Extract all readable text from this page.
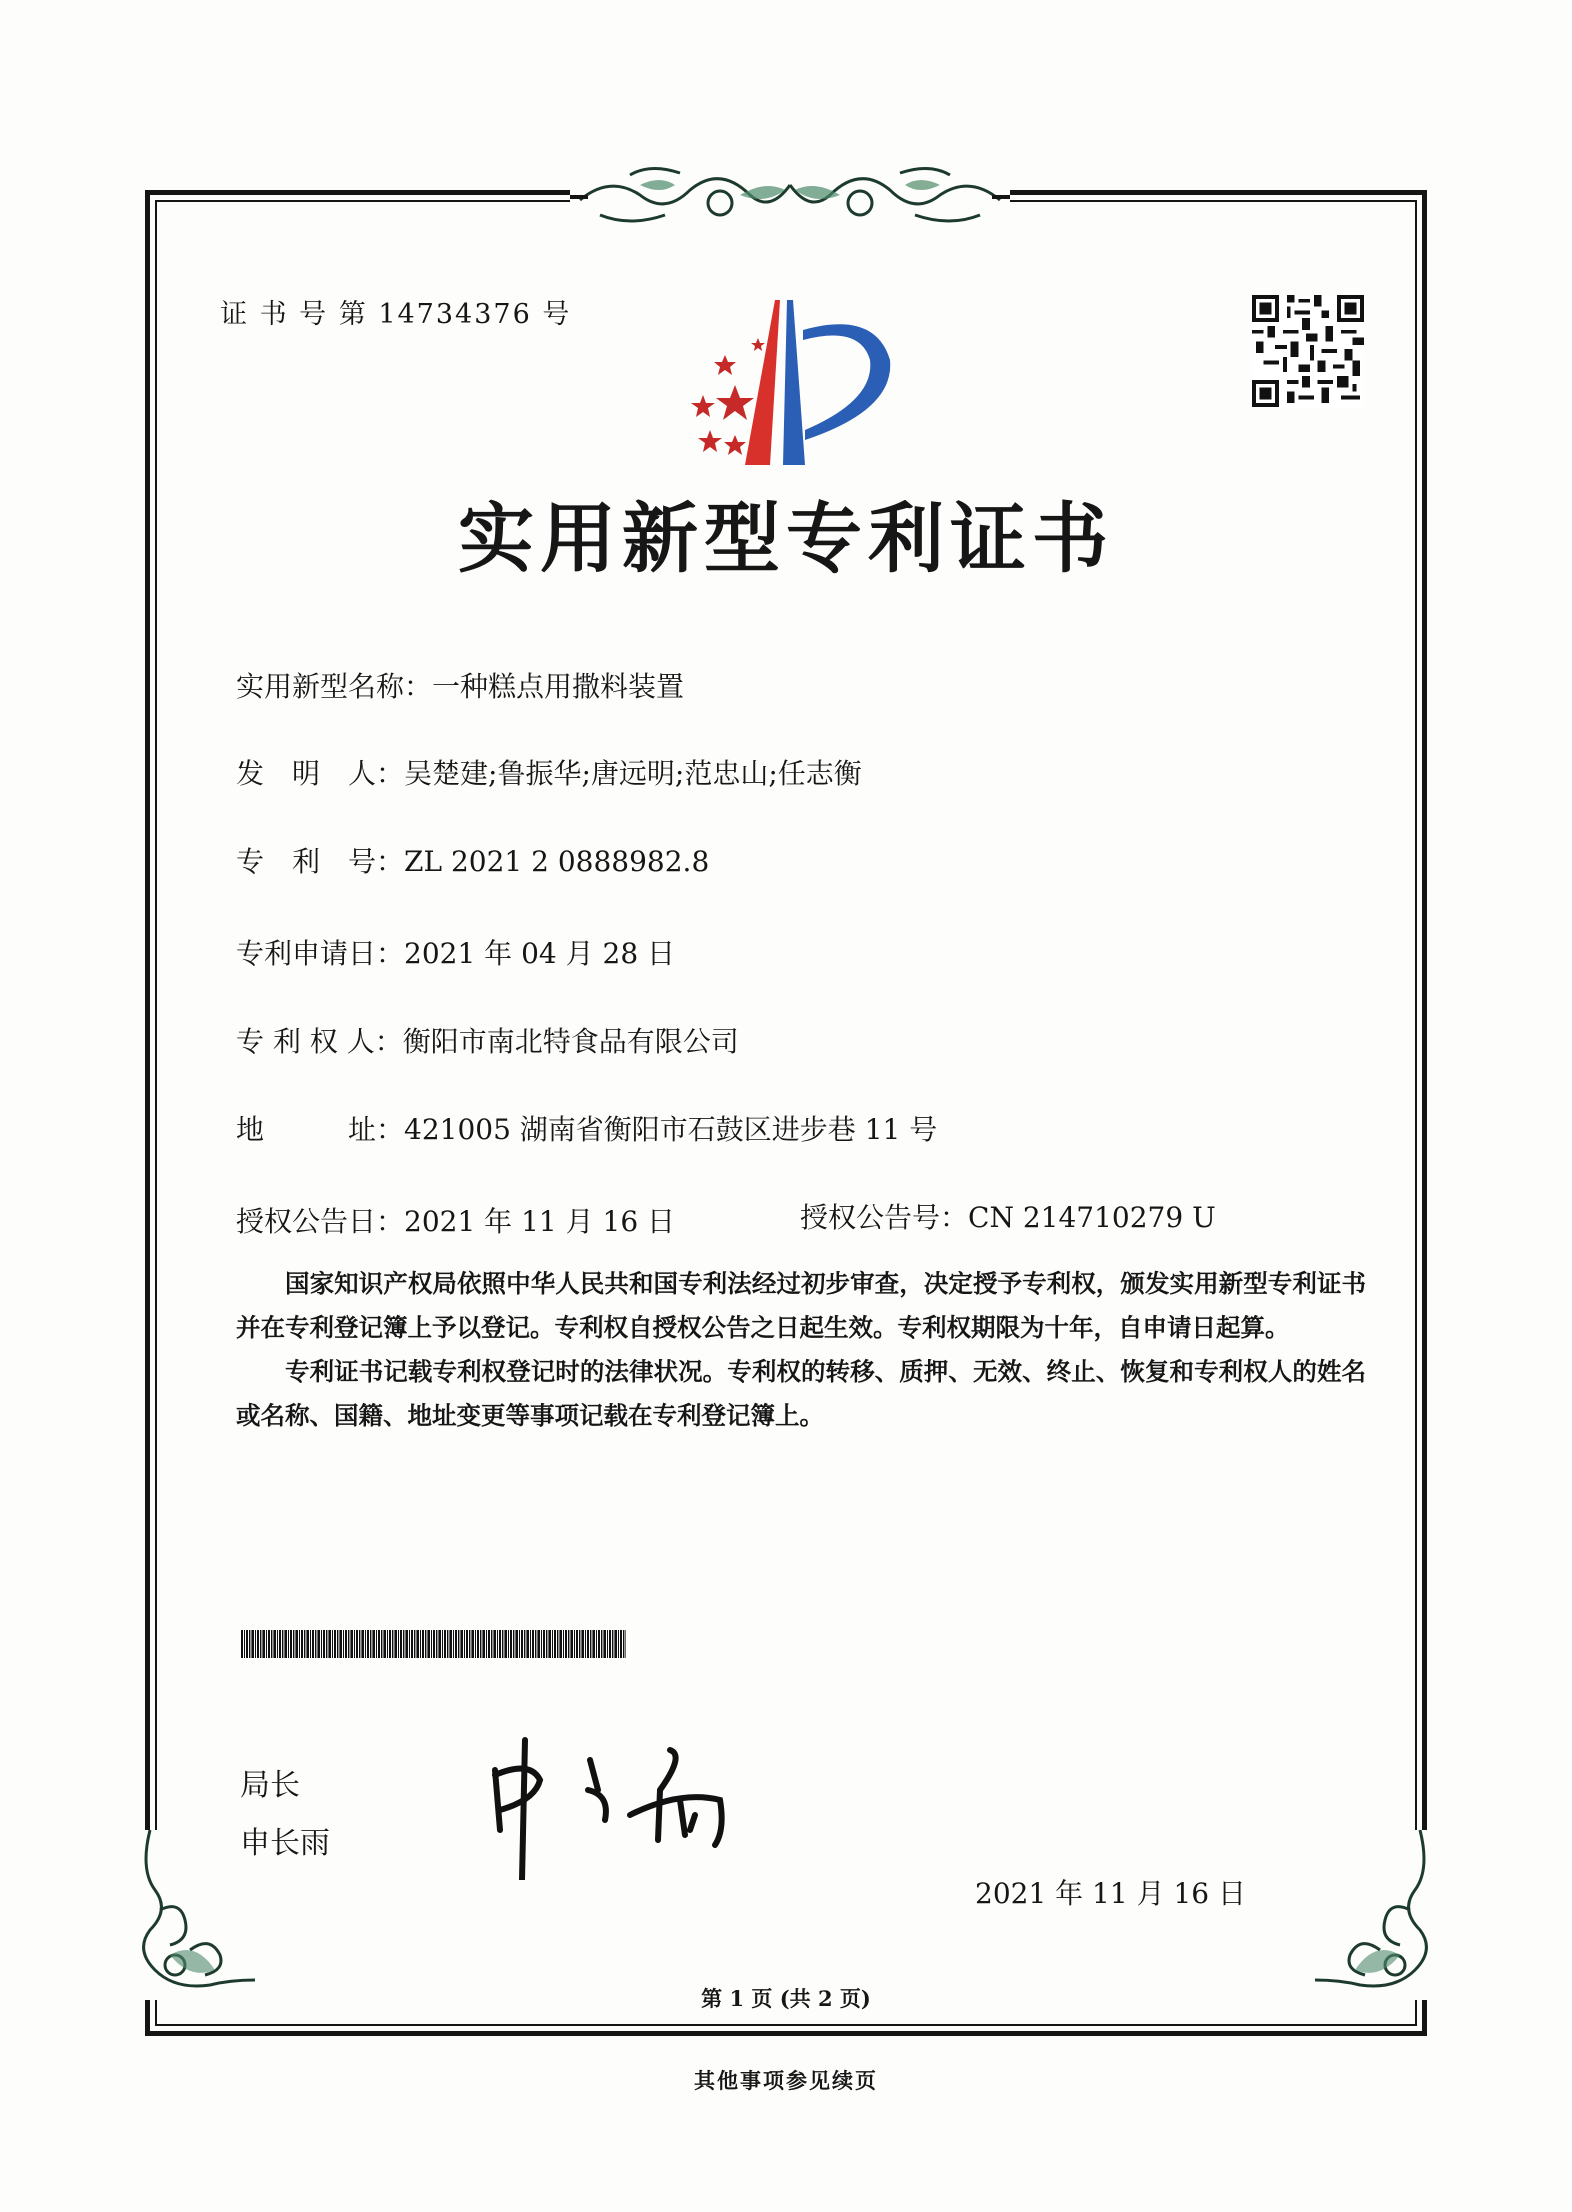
证 书 号 第 14734376 号
实用新型专利证书
实用新型名称：一种糕点用撒料装置
发　明　人：吴楚建;鲁振华;唐远明;范忠山;任志衡
专　利　号：ZL 2021 2 0888982.8
专利申请日：2021 年 04 月 28 日
专 利 权 人：衡阳市南北特食品有限公司
地　　　址：421005 湖南省衡阳市石鼓区进步巷 11 号
授权公告日：2021 年 11 月 16 日	授权公告号：CN 214710279 U

国家知识产权局依照中华人民共和国专利法经过初步审查，决定授予专利权，颁发实用新型专利证书并在专利登记簿上予以登记。专利权自授权公告之日起生效。专利权期限为十年，自申请日起算。

专利证书记载专利权登记时的法律状况。专利权的转移、质押、无效、终止、恢复和专利权人的姓名或名称、国籍、地址变更等事项记载在专利登记簿上。

局长
申长雨
2021 年 11 月 16 日
第 1 页 (共 2 页)
其他事项参见续页
